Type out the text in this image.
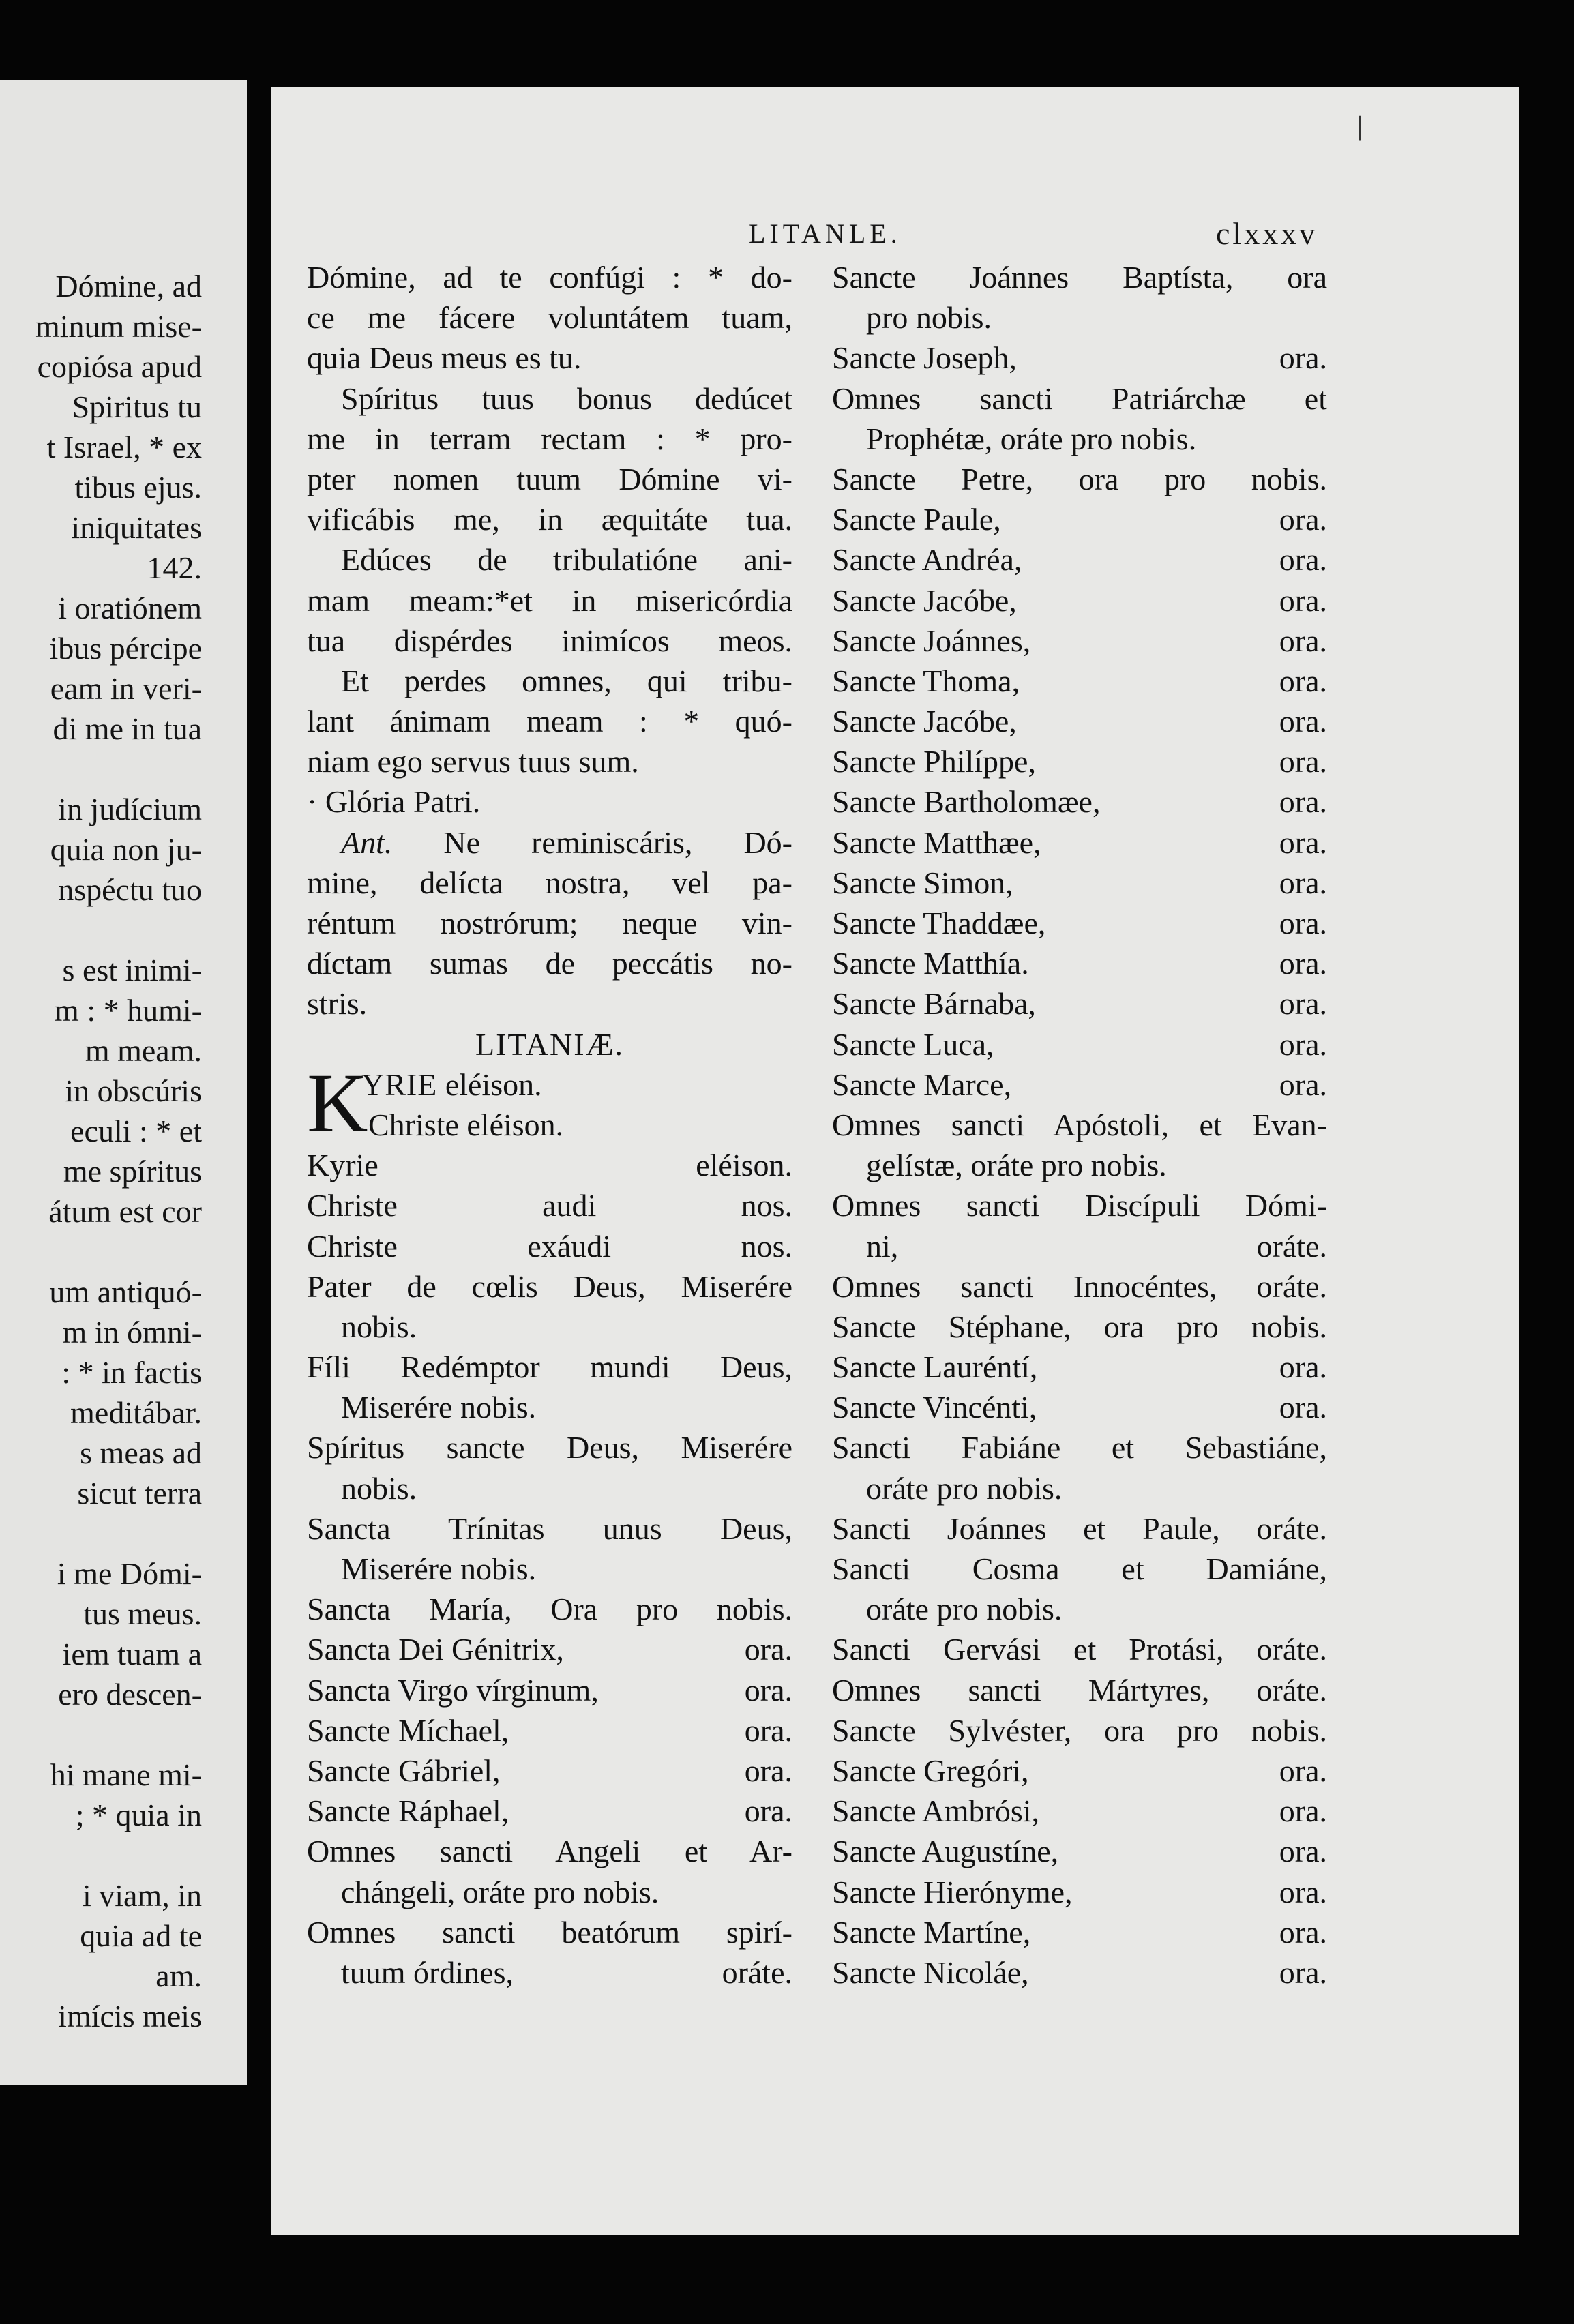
Dómine, ad
minum mise-
copiósa apud
Spiritus tu
t Israel, * ex
tibus ejus.
iniquitates
142.
i oratiónem
ibus pércipe
eam in veri-
di me in tua
in judícium
quia non ju-
nspéctu tuo
s est inimi-
m : * humi-
m meam.
in obscúris
eculi : * et
me spíritus
átum est cor
um antiquó-
m in ómni-
: * in factis
meditábar.
s meas ad
sicut terra
i me Dómi-
tus meus.
iem tuam a
ero descen-
hi mane mi-
; * quia in
i viam, in
quia ad te
am.
imícis meis
|
LITANLE.	clxxxv
Dómine, ad te confúgi : * do-
ce me fácere voluntátem tuam,
quia Deus meus es tu.
Spíritus tuus bonus dedúcet
me in terram rectam : * pro-
pter nomen tuum Dómine vi-
vificábis me, in æquitáte tua.
Edúces de tribulatióne ani-
mam meam:*et in misericórdia
tua dispérdes inimícos meos.
Et perdes omnes, qui tribu-
lant ánimam meam : * quó-
niam ego servus tuus sum.
· Glória Patri.
Ant. Ne reminiscáris, Dó-
mine, delícta nostra, vel pa-
réntum nostrórum; neque vin-
díctam sumas de peccátis no-
stris.
LITANIÆ.
K
YRIE eléison.
Christe eléison.
Kyrie eléison.
Christe audi nos.
Christe exáudi nos.
Pater de cœlis Deus, Miserére
nobis.
Fíli Redémptor mundi Deus,
Miserére nobis.
Spíritus sancte Deus, Miserére
nobis.
Sancta Trínitas unus Deus,
Miserére nobis.
Sancta María, Ora pro nobis.
Sancta Dei Génitrix,	ora.
Sancta Virgo vírginum,	ora.
Sancte Míchael,	ora.
Sancte Gábriel,	ora.
Sancte Ráphael,	ora.
Omnes sancti Angeli et Ar-
chángeli, oráte pro nobis.
Omnes sancti beatórum spirí-
tuum órdines,	oráte.
Sancte Joánnes Baptísta, ora
pro nobis.
Sancte Joseph,	ora.
Omnes sancti Patriárchæ et
Prophétæ, oráte pro nobis.
Sancte Petre, ora pro nobis.
Sancte Paule,	ora.
Sancte Andréa,	ora.
Sancte Jacóbe,	ora.
Sancte Joánnes,	ora.
Sancte Thoma,	ora.
Sancte Jacóbe,	ora.
Sancte Philíppe,	ora.
Sancte Bartholomæe,	ora.
Sancte Matthæe,	ora.
Sancte Simon,	ora.
Sancte Thaddæe,	ora.
Sancte Matthía.	ora.
Sancte Bárnaba,	ora.
Sancte Luca,	ora.
Sancte Marce,	ora.
Omnes sancti Apóstoli, et Evan-
gelístæ, oráte pro nobis.
Omnes sancti Discípuli Dómi-
ni,	oráte.
Omnes sancti Innocéntes, oráte.
Sancte Stéphane, ora pro nobis.
Sancte Lauréntí,	ora.
Sancte Vincénti,	ora.
Sancti Fabiáne et Sebastiáne,
oráte pro nobis.
Sancti Joánnes et Paule, oráte.
Sancti Cosma et Damiáne,
oráte pro nobis.
Sancti Gervási et Protási, oráte.
Omnes sancti Mártyres, oráte.
Sancte Sylvéster, ora pro nobis.
Sancte Gregóri,	ora.
Sancte Ambrósi,	ora.
Sancte Augustíne,	ora.
Sancte Hierónyme,	ora.
Sancte Martíne,	ora.
Sancte Nicoláe,	ora.
